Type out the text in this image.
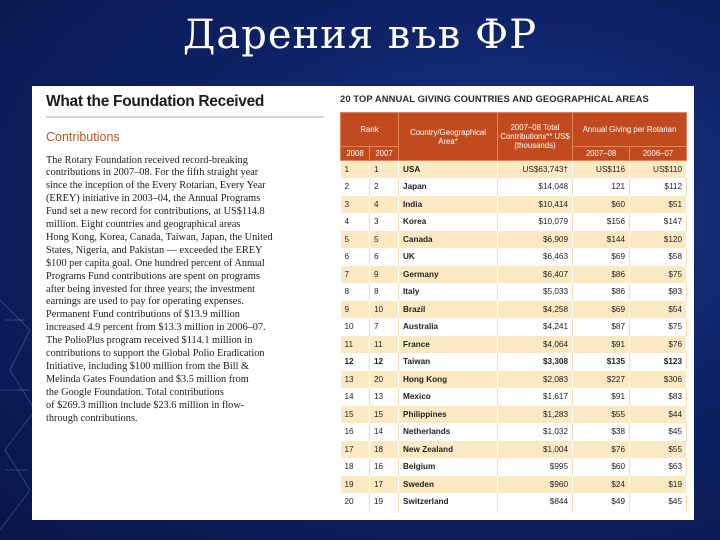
Дарения във ФР
What the Foundation Received
Contributions
The Rotary Foundation received record-breaking
contributions in 2007–08. For the fifth straight year
since the inception of the Every Rotarian, Every Year
(EREY) initiative in 2003–04, the Annual Programs
Fund set a new record for contributions, at US$114.8
million. Eight countries and geographical areas
Hong Kong, Korea, Canada, Taiwan, Japan, the United
States, Nigeria, and Pakistan — exceeded the EREY
$100 per capita goal. One hundred percent of Annual
Programs Fund contributions are spent on programs
after being invested for three years; the investment
earnings are used to pay for operating expenses.
Permanent Fund contributions of $13.9 million
increased 4.9 percent from $13.3 million in 2006–07.
The PolioPlus program received $114.1 million in
contributions to support the Global Polio Eradication
Initiative, including $100 million from the Bill &
Melinda Gates Foundation and $3.5 million from
the Google Foundation. Total contributions
of $269.3 million include $23.6 million in flow-
through contributions.
20 TOP ANNUAL GIVING COUNTRIES AND GEOGRAPHICAL AREAS
Rank		Country/Geographical Area*	2007–08 Total Contributions** US$ (thousands)	Annual Giving per Rotarian	
2008	2007			2007–08	2006–07
1	1	USA	US$63,743†	US$116	US$110
2	2	Japan	$14,048	121	$112
3	4	India	$10,414	$60	$51
4	3	Korea	$10,079	$156	$147
5	5	Canada	$6,909	$144	$120
6	6	UK	$6,463	$69	$58
7	9	Germany	$6,407	$86	$75
8	8	Italy	$5,033	$86	$83
9	10	Brazil	$4,258	$69	$54
10	7	Australia	$4,241	$87	$75
11	11	France	$4,064	$91	$76
12	12	Taiwan	$3,308	$135	$123
13	20	Hong Kong	$2,083	$227	$306
14	13	Mexico	$1,617	$91	$83
15	15	Philippines	$1,283	$55	$44
16	14	Netherlands	$1,032	$38	$45
17	18	New Zealand	$1,004	$76	$55
18	16	Belgium	$995	$60	$63
19	17	Sweden	$960	$24	$19
20	19	Switzerland	$844	$49	$45
